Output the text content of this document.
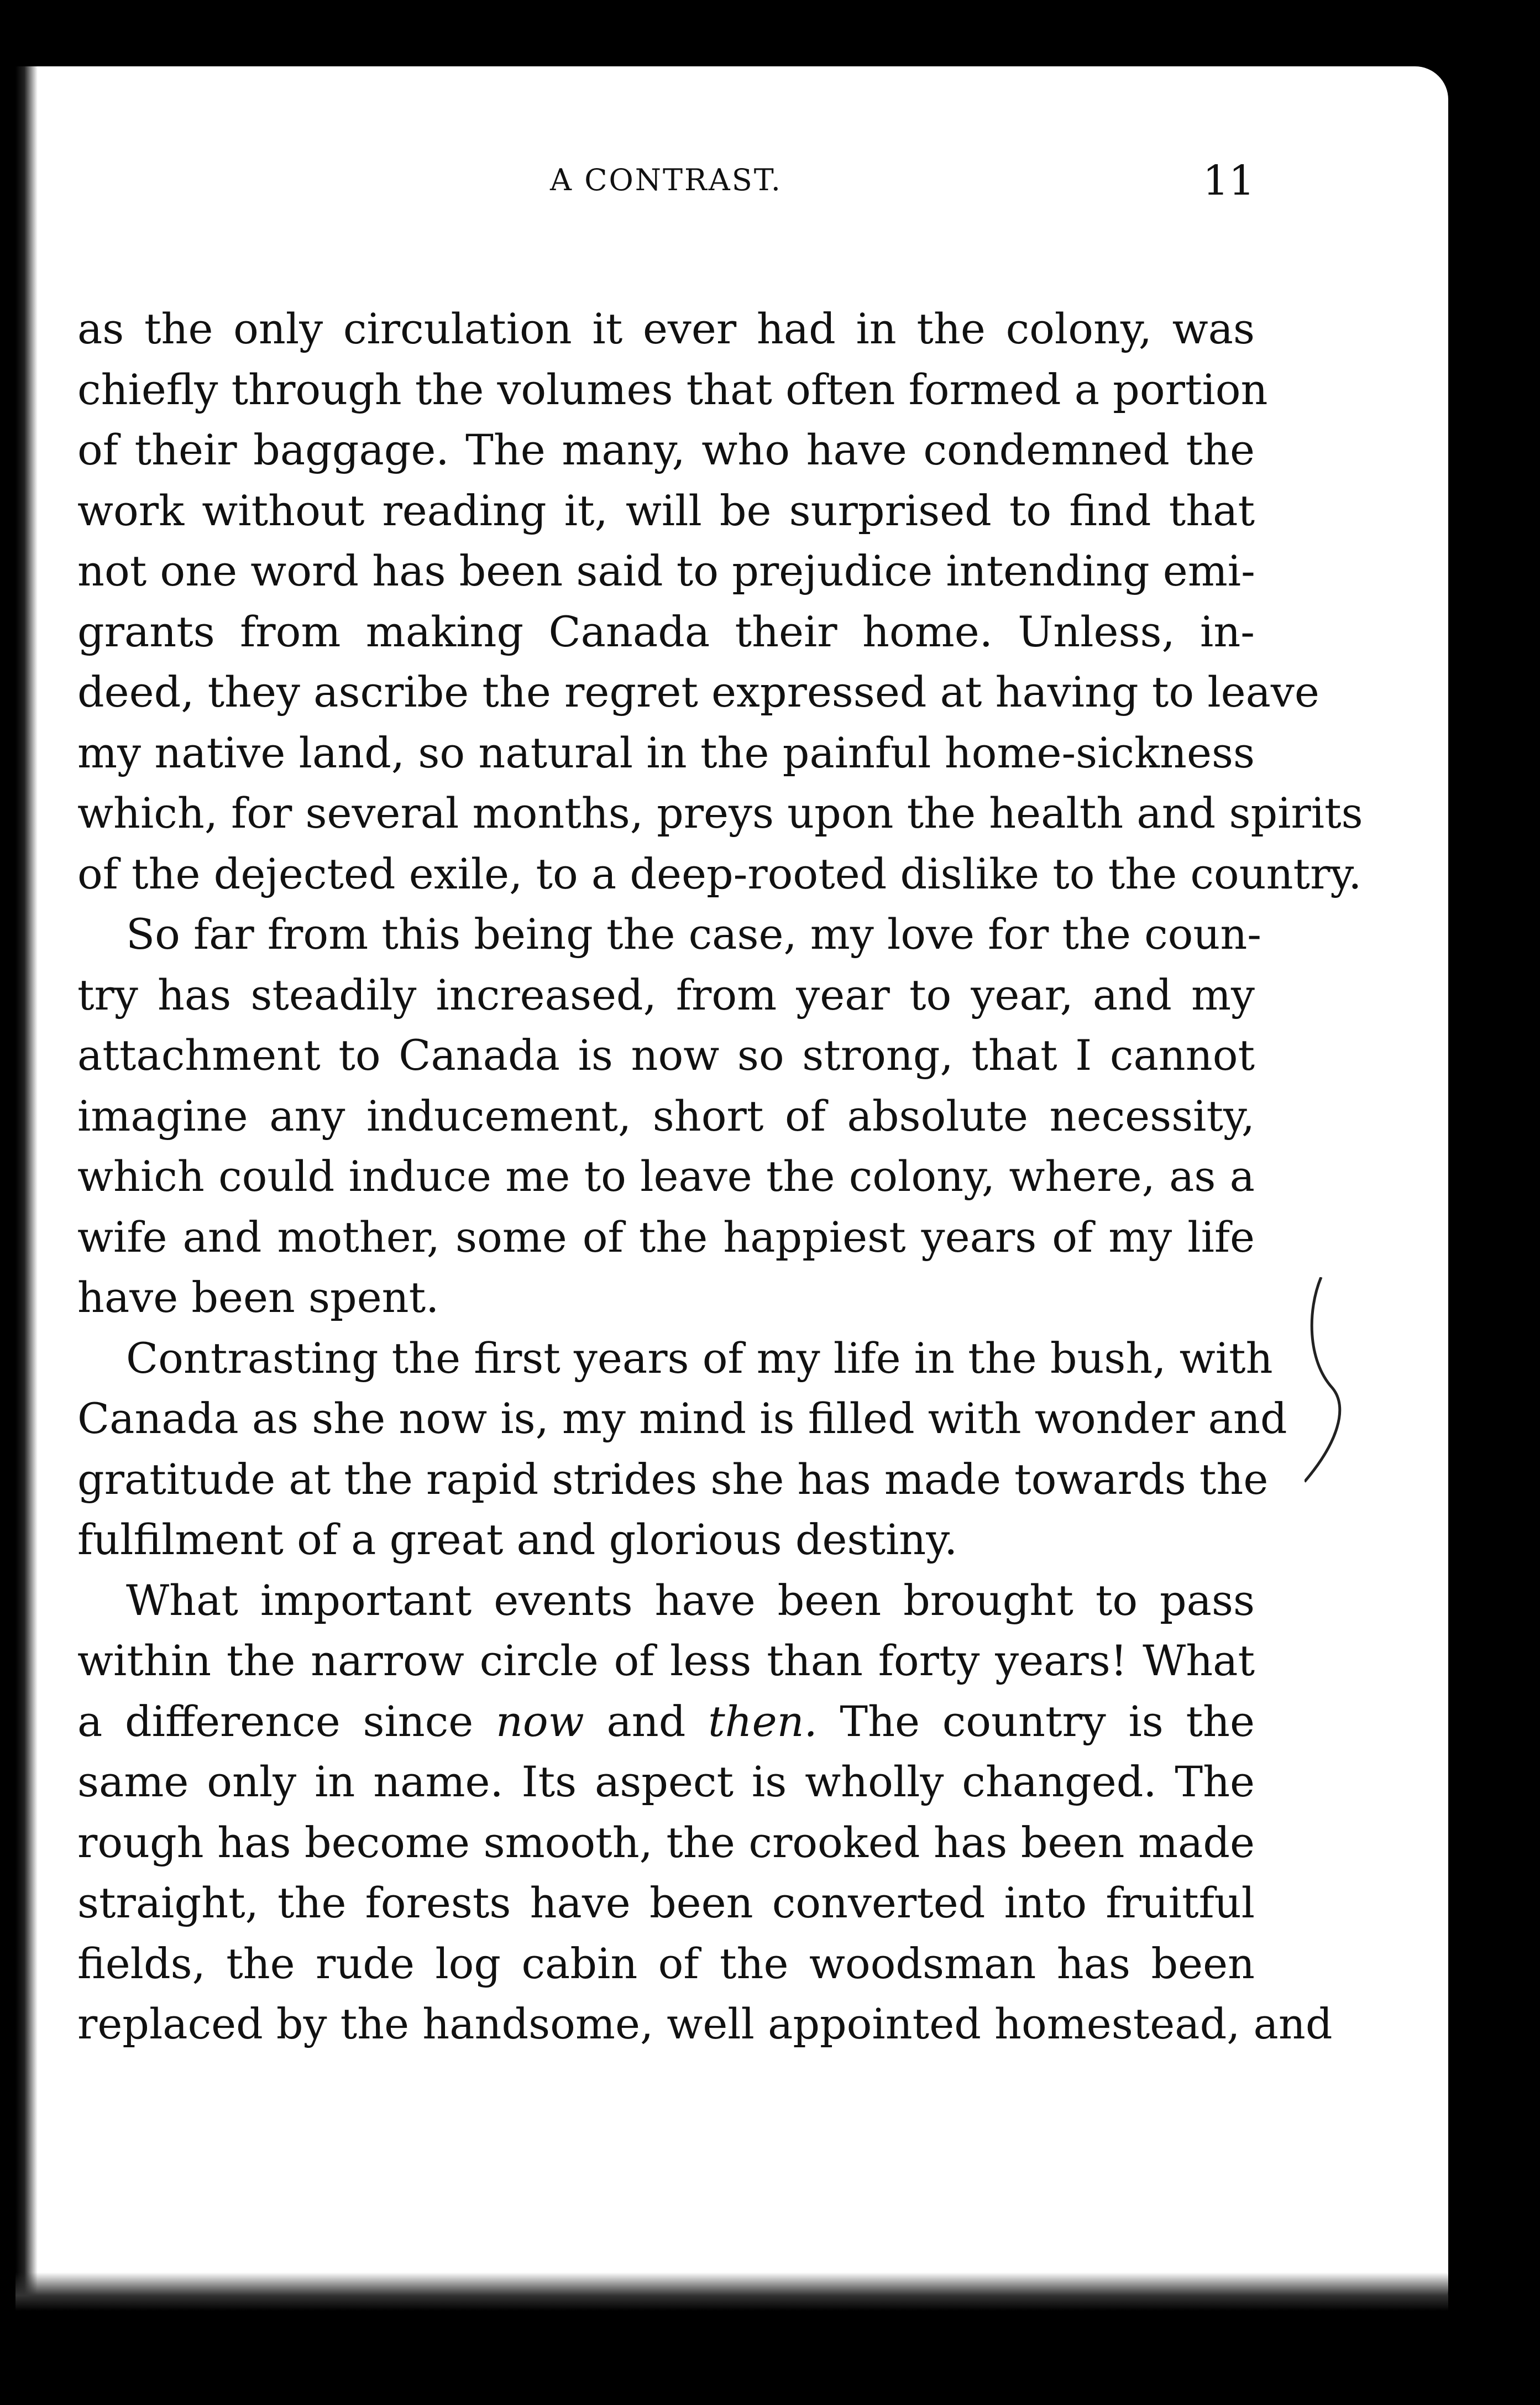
A CONTRAST.	11
as the only circulation it ever had in the colony, was
chiefly through the volumes that often formed a portion
of their baggage. The many, who have condemned the
work without reading it, will be surprised to find that
not one word has been said to prejudice intending emi-
grants from making Canada their home. Unless, in-
deed, they ascribe the regret expressed at having to leave
my native land, so natural in the painful home-sickness
which, for several months, preys upon the health and spirits
of the dejected exile, to a deep-rooted dislike to the country.
So far from this being the case, my love for the coun-
try has steadily increased, from year to year, and my
attachment to Canada is now so strong, that I cannot
imagine any inducement, short of absolute necessity,
which could induce me to leave the colony, where, as a
wife and mother, some of the happiest years of my life
have been spent.
Contrasting the first years of my life in the bush, with
Canada as she now is, my mind is filled with wonder and
gratitude at the rapid strides she has made towards the
fulfilment of a great and glorious destiny.
What important events have been brought to pass
within the narrow circle of less than forty years! What
a difference since now and then. The country is the
same only in name. Its aspect is wholly changed. The
rough has become smooth, the crooked has been made
straight, the forests have been converted into fruitful
fields, the rude log cabin of the woodsman has been
replaced by the handsome, well appointed homestead, and
